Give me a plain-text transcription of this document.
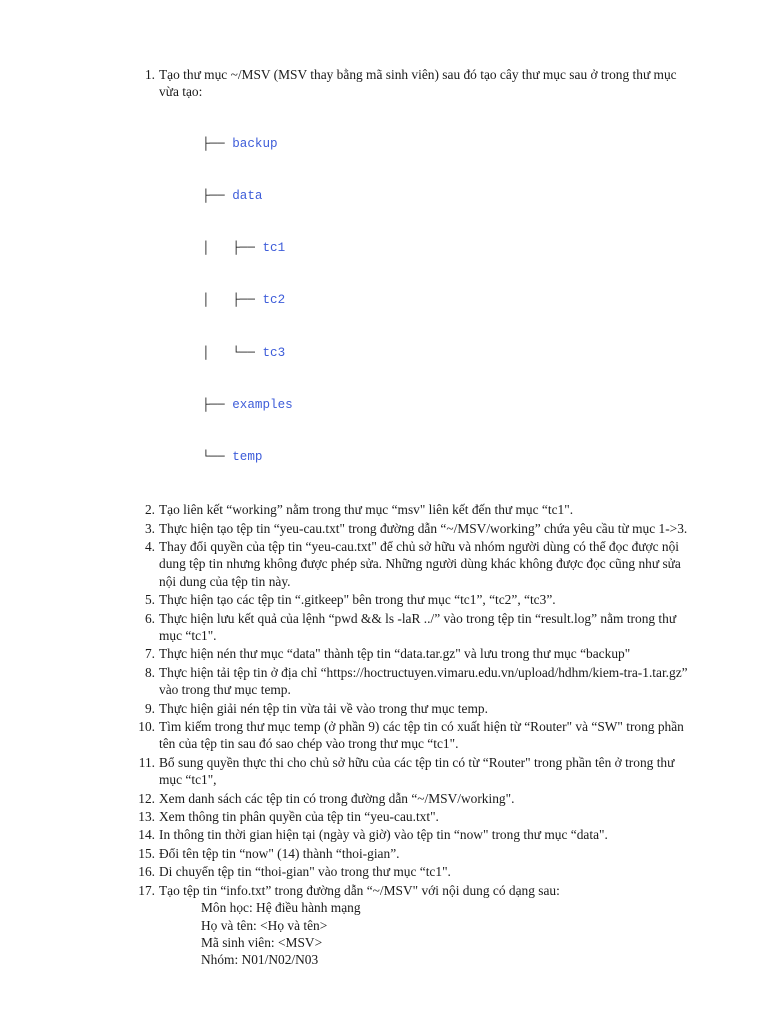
1. Tạo thư mục ~/MSV (MSV thay bằng mã sinh viên) sau đó tạo cây thư mục sau ở trong thư mục vừa tạo:

├── backup

├── data

│   ├── tc1

│   ├── tc2

│   └── tc3

├── examples

└── temp

2. Tạo liên kết “working” nằm trong thư mục “msv" liên kết đến thư mục “tc1".
3. Thực hiện tạo tệp tin “yeu-cau.txt" trong đường dẫn “~/MSV/working” chứa yêu cầu từ mục 1->3.
4. Thay đổi quyền của tệp tin “yeu-cau.txt" để chủ sở hữu và nhóm người dùng có thể đọc được nội dung tệp tin nhưng không được phép sửa. Những người dùng khác không được đọc cũng như sửa nội dung của tệp tin này.
5. Thực hiện tạo các tệp tin “.gitkeep" bên trong thư mục “tc1”, “tc2”, “tc3”.
6. Thực hiện lưu kết quả của lệnh “pwd && ls -laR ../” vào trong tệp tin “result.log” nằm trong thư mục “tc1".
7. Thực hiện nén thư mục “data" thành tệp tin “data.tar.gz" và lưu trong thư mục “backup"
8. Thực hiện tải tệp tin ở địa chỉ “https://hoctructuyen.vimaru.edu.vn/upload/hdhm/kiem-tra-1.tar.gz” vào trong thư mục temp.
9. Thực hiện giải nén tệp tin vừa tải về vào trong thư mục temp.
10. Tìm kiếm trong thư mục temp (ở phần 9) các tệp tin có xuất hiện từ “Router" và “SW" trong phần tên của tệp tin sau đó sao chép vào trong thư mục “tc1".
11. Bổ sung quyền thực thi cho chủ sở hữu của các tệp tin có từ “Router" trong phần tên ở trong thư mục “tc1",
12. Xem danh sách các tệp tin có trong đường dẫn “~/MSV/working".
13. Xem thông tin phân quyền của tệp tin “yeu-cau.txt".
14. In thông tin thời gian hiện tại (ngày và giờ) vào tệp tin “now" trong thư mục “data".
15. Đổi tên tệp tin “now" (14) thành “thoi-gian”.
16. Di chuyển tệp tin “thoi-gian" vào trong thư mục “tc1".
17. Tạo tệp tin “info.txt” trong đường dẫn “~/MSV" với nội dung có dạng sau:
Môn học: Hệ điều hành mạng
Họ và tên: <Họ và tên>
Mã sinh viên: <MSV>
Nhóm: N01/N02/N03
